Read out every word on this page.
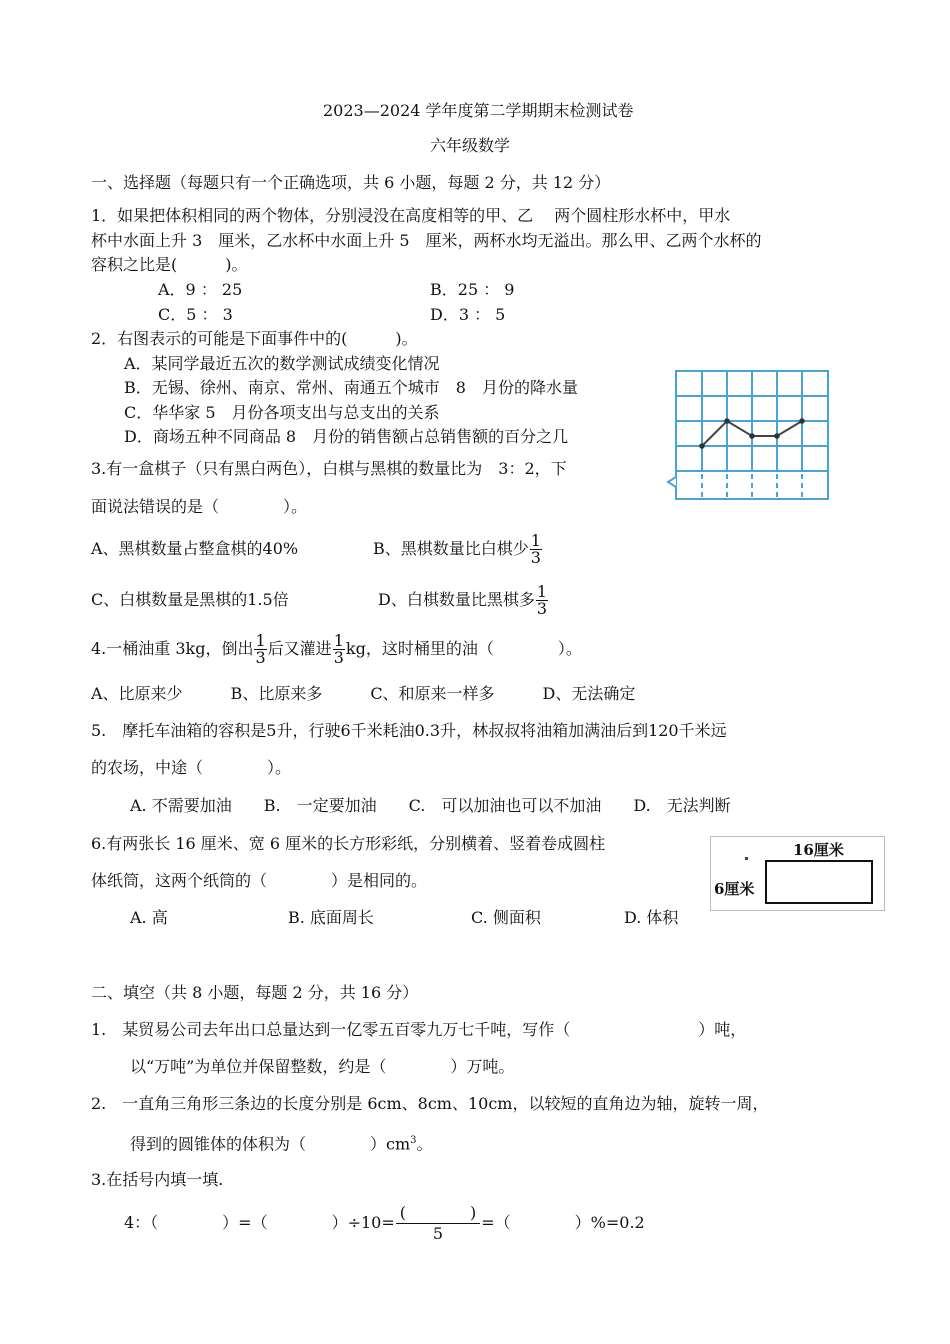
2023—2024 学年度第二学期期末检测试卷
六年级数学
一、选择题（每题只有一个正确选项，共 6 小题，每题 2 分，共 12 分）
1．如果把体积相同的两个物体，分别浸没在高度相等的甲、乙　 两个圆柱形水杯中，甲水
杯中水面上升 3　厘米，乙水杯中水面上升 5　厘米，两杯水均无溢出。那么甲、乙两个水杯的
容积之比是(　　　)。
A．9 ： 25	B．25 ： 9
C．5 ： 3	D．3 ： 5
2．右图表示的可能是下面事件中的(　　　)。
A．某同学最近五次的数学测试成绩变化情况
B．无锡、徐州、南京、常州、南通五个城市　8　月份的降水量
C．华华家 5　月份各项支出与总支出的关系
D．商场五种不同商品 8　月份的销售额占总销售额的百分之几
3.有一盒棋子（只有黑白两色），白棋与黑棋的数量比为　3：2，下
面说法错误的是（　　　　）。
A、黑棋数量占整盒棋的40%	B、黑棋数量比白棋少 $\frac{1}{3}$
C、白棋数量是黑棋的1.5倍	D、白棋数量比黑棋多 $\frac{1}{3}$
4.一桶油重 3kg，倒出 $\frac{1}{3}$ 后又灌进 $\frac{1}{3}$ kg，这时桶里的油（　　　　）。
A、比原来少　　　B、比原来多　　　C、和原来一样多　　　D、无法确定
5.　摩托车油箱的容积是5升，行驶6千米耗油0.3升，林叔叔将油箱加满油后到120千米远
的农场，中途（　　　　）。
A. 不需要加油　　B.　一定要加油　　C.　可以加油也可以不加油　　D.　无法判断
6.有两张长 16 厘米、宽 6 厘米的长方形彩纸，分别横着、竖着卷成圆柱
体纸筒，这两个纸筒的（　　　　）是相同的。
A. 高	B. 底面周长	C. 侧面积	D. 体积
16厘米
6厘米
二、填空（共 8 小题，每题 2 分，共 16 分）
1.　某贸易公司去年出口总量达到一亿零五百零九万七千吨，写作（　　　　　　　　）吨，
以“万吨”为单位并保留整数，约是（　　　　）万吨。
2.　一直角三角形三条边的长度分别是 6cm、8cm、10cm，以较短的直角边为轴，旋转一周，
得到的圆锥体的体积为（　　　　）$cm^3$。
3.在括号内填一填.
4：（　　　　）=（　　　　）$\div 10= \frac{( )}{5}$ =（　　　　）%=0.2
